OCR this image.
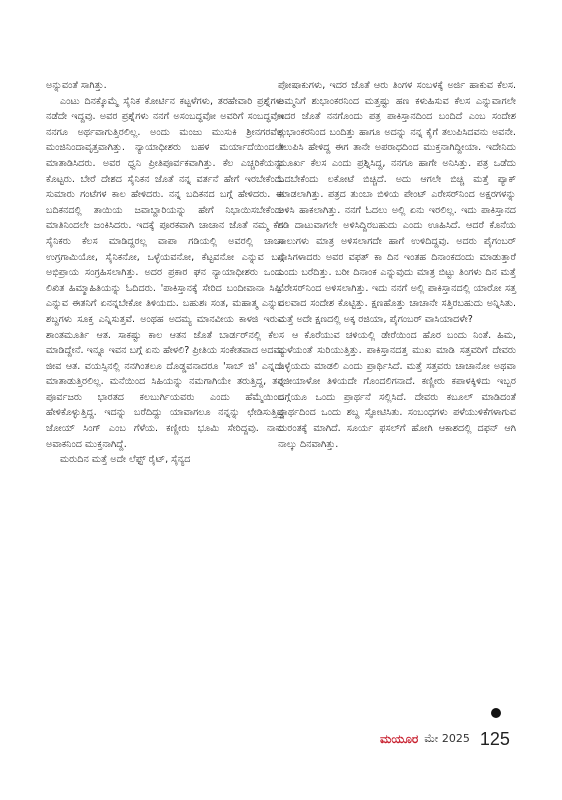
ಅನ್ನುವಂತೆ ಸಾಗಿತ್ತು.

ಎಂಟು ದಿನಕ್ಕೊಮ್ಮೆ ಸೈನಿಕ ಕೋರ್ಟಿನ ಕಟ್ಟಳೆಗಳು, ತರಹೇವಾರಿ ಪ್ರಶ್ನೆಗಳು ನಡೆದೇ ಇದ್ದವು. ಅವರ ಪ್ರಶ್ನೆಗಳು ನನಗೆ ಅಸಂಬದ್ಧವೋ ಅವರಿಗೆ ಸಂಬದ್ಧವೋ ನನಗೂ ಅರ್ಥವಾಗುತ್ತಿರಲಿಲ್ಲ. ಅಂದು ಮಂಜು ಮುಸುಕಿ ಶ್ರೀನಗರವೆಲ್ಲ ಮಂಜಿನಿಂದಾವೃತ್ತವಾಗಿತ್ತು. ನ್ಯಾಯಾಧೀಶರು ಬಹಳ ಮರ್ಯಾದೆಯಿಂದಲೇ ಮಾತಾಡಿಸಿದರು. ಅವರ ಧ್ವನಿ ಪ್ರೀತಿಪೂರ್ವಕವಾಗಿತ್ತು. ಕೆಲ ಎಚ್ಚರಿಕೆಯನ್ನು ಕೊಟ್ಟರು. ಬೇರೆ ದೇಶದ ಸೈನಿಕನ ಜೊತೆ ನನ್ನ ವರ್ತನೆ ಹೇಗೆ ಇರಬೇಕೆಂದು ಸುಮಾರು ಗಂಟೆಗಳ ಕಾಲ ಹೇಳಿದರು. ನನ್ನ ಬದಿಕನದ ಬಗ್ಗೆ ಹೇಳಿದರು. ಈ ಬದಿಕನದಲ್ಲಿ ತಾಯಿಯ ಜವಾಬ್ದಾರಿಯನ್ನು ಹೇಗೆ ನಿಭಾಯಿಸಬೇಕೆಂದು ಮಾತಿನಿಂದಲೇ ಜಂಕಿಸಿದರು. ಇದಕ್ಕೆ ಪೂರಕವಾಗಿ ಚಾಚಾನ ಜೊತೆ ನಮ್ಮ ಕೆಲ ಸೈನಿಕರು ಕೆಲಸ ಮಾಡಿದ್ದರಲ್ಲ ವಾಪಾ ಗಡಿಯಲ್ಲಿ ಅವರಲ್ಲಿ ಚಾಚಾ ಉಗ್ರಗಾಮಿಯೋ, ಸೈನಿಕನೋ, ಒಳ್ಳೆಯವನೋ, ಕೆಟ್ಟವನೋ ಎನ್ನುವ ಬಗ್ಗೆ ಅಭಿಪ್ರಾಯ ಸಂಗ್ರಹಿಸಲಾಗಿತ್ತು. ಅದರ ಪ್ರಕಾರ ಘನ ನ್ಯಾಯಾಧೀಶರು ಒಂದು ಲಿಖಿತ ಹಿಮ್ಮಾಹಿತಿಯನ್ನು ಓದಿದರು. 'ಪಾಕಿಸ್ತಾನಕ್ಕೆ ಸೇರಿದ ಬಂದೀವಾನಾ ಸಿಪ್ಪಿ' ಎನ್ನುವ ಈತನಿಗೆ ಏನನ್ನಬೇಕೋ ತಿಳಿಯದು. ಬಹುಶಃ ಸಂತ, ಮಹಾತ್ಮ ಎನ್ನುವ ಶಬ್ದಗಳು ಸೂಕ್ತ ಎನ್ನಿಸುತ್ತವೆ. ಅಂಥಹ ಅದಮ್ಯ ಮಾನವೀಯ ಕಾಳಜಿ ಇರುವ ಶಾಂತಮೂರ್ತಿ ಆತ. ಸಾಕಷ್ಟು ಕಾಲ ಆತನ ಜೊತೆ ಬಾರ್ಡರ್‌ನಲ್ಲಿ ಕೆಲಸ ಮಾಡಿದ್ದೇನೆ. ಇನ್ನೂ ಇವನ ಬಗ್ಗೆ ಏನು ಹೇಳಲಿ? ಪ್ರೀತಿಯ ಸಂಕೇತವಾದ ಅದಮ್ಯ ಜೀವ ಆತ. ವಯಸ್ಸಿನಲ್ಲಿ ನನಗಿಂತಲೂ ದೊಡ್ಡವನಾದರೂ 'ಸಾಬ್ ಜಿ' ಎನ್ನದೇ ಮಾತಾಡುತ್ತಿರಲಿಲ್ಲ. ಮನೆಯಿಂದ ಸಿಹಿಯನ್ನು ನಮಗಾಗಿಯೇ ತರುತ್ತಿದ್ದ, ತನ್ನ ಪೂರ್ವಜರು ಭಾರತದ ಕಲಬುರ್ಗಿಯವರು ಎಂದು ಹೆಮ್ಮೆಯಿಂದ ಹೇಳಿಕೊಳ್ಳುತ್ತಿದ್ದ. ಇದನ್ನು ಬರೆದಿದ್ದು ಯಾವಾಗಲೂ ನನ್ನನ್ನು ಛೇಡಿಸುತ್ತಿದ್ದ ಜೋಯ್ ಸಿಂಗ್ ಎಂಬ ಗೆಳೆಯ. ಕಣ್ಣೀರು ಭೂಮಿ ಸೇರಿದ್ದವು. ನಾನು ಅವಾಕನಿಂದ ಮುಕ್ತನಾಗಿದ್ದೆ.

ಮರುದಿನ ಮತ್ತೆ ಅದೇ ಲೆಫ್ಟ್ ರೈಟ್, ಸೈನ್ಯದ

ಪೋಷಾಕುಗಳು, ಇದರ ಜೊತೆ ಆರು ತಿಂಗಳ ಸಂಬಳಕ್ಕೆ ಅರ್ಜಿ ಹಾಕುವ ಕೆಲಸ. ಅಮ್ಮನಿಗೆ ಶುಭಾಂಕರನಿಂದ ಮತ್ತಷ್ಟು ಹಣ ಕಳುಹಿಸುವ ಕೆಲಸ ಎನ್ನುವಾಗಲೇ ಇದರ ಜೊತೆ ನನಗೊಂದು ಪತ್ರ ಪಾಕಿಸ್ತಾನದಿಂದ ಬಂದಿದೆ ಎಂಬ ಸಂದೇಶ ಶುಭಾಂಕರನಿಂದ ಬಂದಿತ್ತು ಹಾಗೂ ಅದನ್ನು ನನ್ನ ಕೈಗೆ ತಲುಪಿಸಿದವನು ಅವನೇ. ತಲುಪಿಸಿ ಹೇಳಿದ್ದ ಈಗ ತಾನೇ ಅಪರಾಧದಿಂದ ಮುಕ್ತನಾಗಿದ್ದೀಯಾ. ಇದೇನಿದು ಮೂರ್ಖ ಕೆಲಸ ಎಂದು ಪ್ರಶ್ನಿಸಿದ್ದ, ನನಗೂ ಹಾಗೇ ಅನಿಸಿತ್ತು. ಪತ್ರ ಒಡೆದು ಓದಬೇಕೆಂದು ಲಕೋಟೆ ಬಿಚ್ಚಿದೆ. ಅದು ಆಗಲೇ ಬಿಚ್ಚಿ ಮತ್ತೆ ಪ್ಯಾಕ್ ಮಾಡಲಾಗಿತ್ತು. ಪತ್ರದ ತುಂಬಾ ಬಿಳಿಯ ಪೇಂಟ್ ಎರೇಸರ್‌ನಿಂದ ಅಕ್ಷರಗಳನ್ನು ಅಳಿಸಿ ಹಾಕಲಾಗಿತ್ತು. ನನಗೆ ಓದಲು ಅಲ್ಲಿ ಏನು ಇರಲಿಲ್ಲ. ಇದು ಪಾಕಿಸ್ತಾನದ ಗಡಿ ದಾಟುವಾಗಲೇ ಅಳಿಸಿದ್ದಿರಬಹುದು ಎಂದು ಊಹಿಸಿದೆ. ಆದರೆ ಕೊನೆಯ ಸಾಲುಗಳು ಮಾತ್ರ ಅಳಿಸಲಾಗದೇ ಹಾಗೆ ಉಳಿದಿದ್ದವು. ಅದರು ಪೈಗಂಬರ್ ವಾಸಿಗಳಾದರು ಅವರ ವಫತ್ ಕಾ ದಿನ ಇಂತಹ ದಿನಾಂಕದಂದು ಮಾಡುತ್ತಾರೆ ಎಂದು ಬರೆದಿತ್ತು. ಬರೀ ದಿನಾಂಕ ಎನ್ನುವುದು ಮಾತ್ರ ಬಿಟ್ಟು ತಿಂಗಳು ದಿನ ಮತ್ತೆ ಎರೇಸರ್‌ನಿಂದ ಅಳಿಸಲಾಗಿತ್ತು. ಇದು ನನಗೆ ಅಲ್ಲಿ ಪಾಕಿಸ್ತಾನದಲ್ಲಿ ಯಾರೋ ಸತ್ತ ಬಲವಾದ ಸಂದೇಶ ಕೊಟ್ಟಿತ್ತು. ಕ್ಷಣಹೊತ್ತು ಚಾಚಾನೇ ಸತ್ತಿರಬಹುದು ಅನ್ನಿಸಿತು. ಮತ್ತೆ ಅದೇ ಕ್ಷಣದಲ್ಲಿ ಅಕ್ಕ ರಜಿಯಾ, ಪೈಗಂಬರ್ ವಾಸಿಯಾದಳೇ?

ಆ ಕೊರೆಯುವ ಚಳಿಯಲ್ಲಿ ಡೇರೆಯಿಂದ ಹೊರ ಬಂದು ನಿಂತೆ. ಹಿಮ, ಮಳೆಯಂತೆ ಸುರಿಯುತ್ತಿತ್ತು. ಪಾಕಿಸ್ತಾನದತ್ತ ಮುಖ ಮಾಡಿ ಸತ್ತವರಿಗೆ ದೇವರು ಒಳ್ಳೆಯದು ಮಾಡಲಿ ಎಂದು ಪ್ರಾರ್ಥಿಸಿದೆ. ಮತ್ತೆ ಸತ್ತವರು ಚಾಚಾನೋ ಅಥವಾ ರಜೀಯಾಳೋ ತಿಳಿಯದೇ ಗೊಂದಲಿಗನಾದೆ. ಕಣ್ಣೀರು ಕಪಾಳಕ್ಕಿಳಿದು ಇಬ್ಬರ ಬಗ್ಗೆಯೂ ಒಂದು ಪ್ರಾರ್ಥನೆ ಸಲ್ಲಿಸಿದೆ. ದೇವರು ಕಬೂಲ್ ಮಾಡಿದಂತೆ ಪ್ರಾರ್ಥದಿಂದ ಒಂದು ಶಬ್ದ ಸ್ಫೋಟಿಸಿತು. ಸಂಬಂಧಗಳು ಪಳೆಯುಳಿಕೆಗಳಾಗುವ ದುರಂತಕ್ಕೆ ಮಾಗಿದೆ. ಸೂರ್ಯ ಫಸಲ್‌ಗೆ ಹೋಗಿ ಆಕಾಶದಲ್ಲಿ ದಫನ್ ಆಗಿ ನಾಲ್ಕು ದಿನವಾಗಿತ್ತು.

ಮಯೂರ ಮೇ 2025 125
